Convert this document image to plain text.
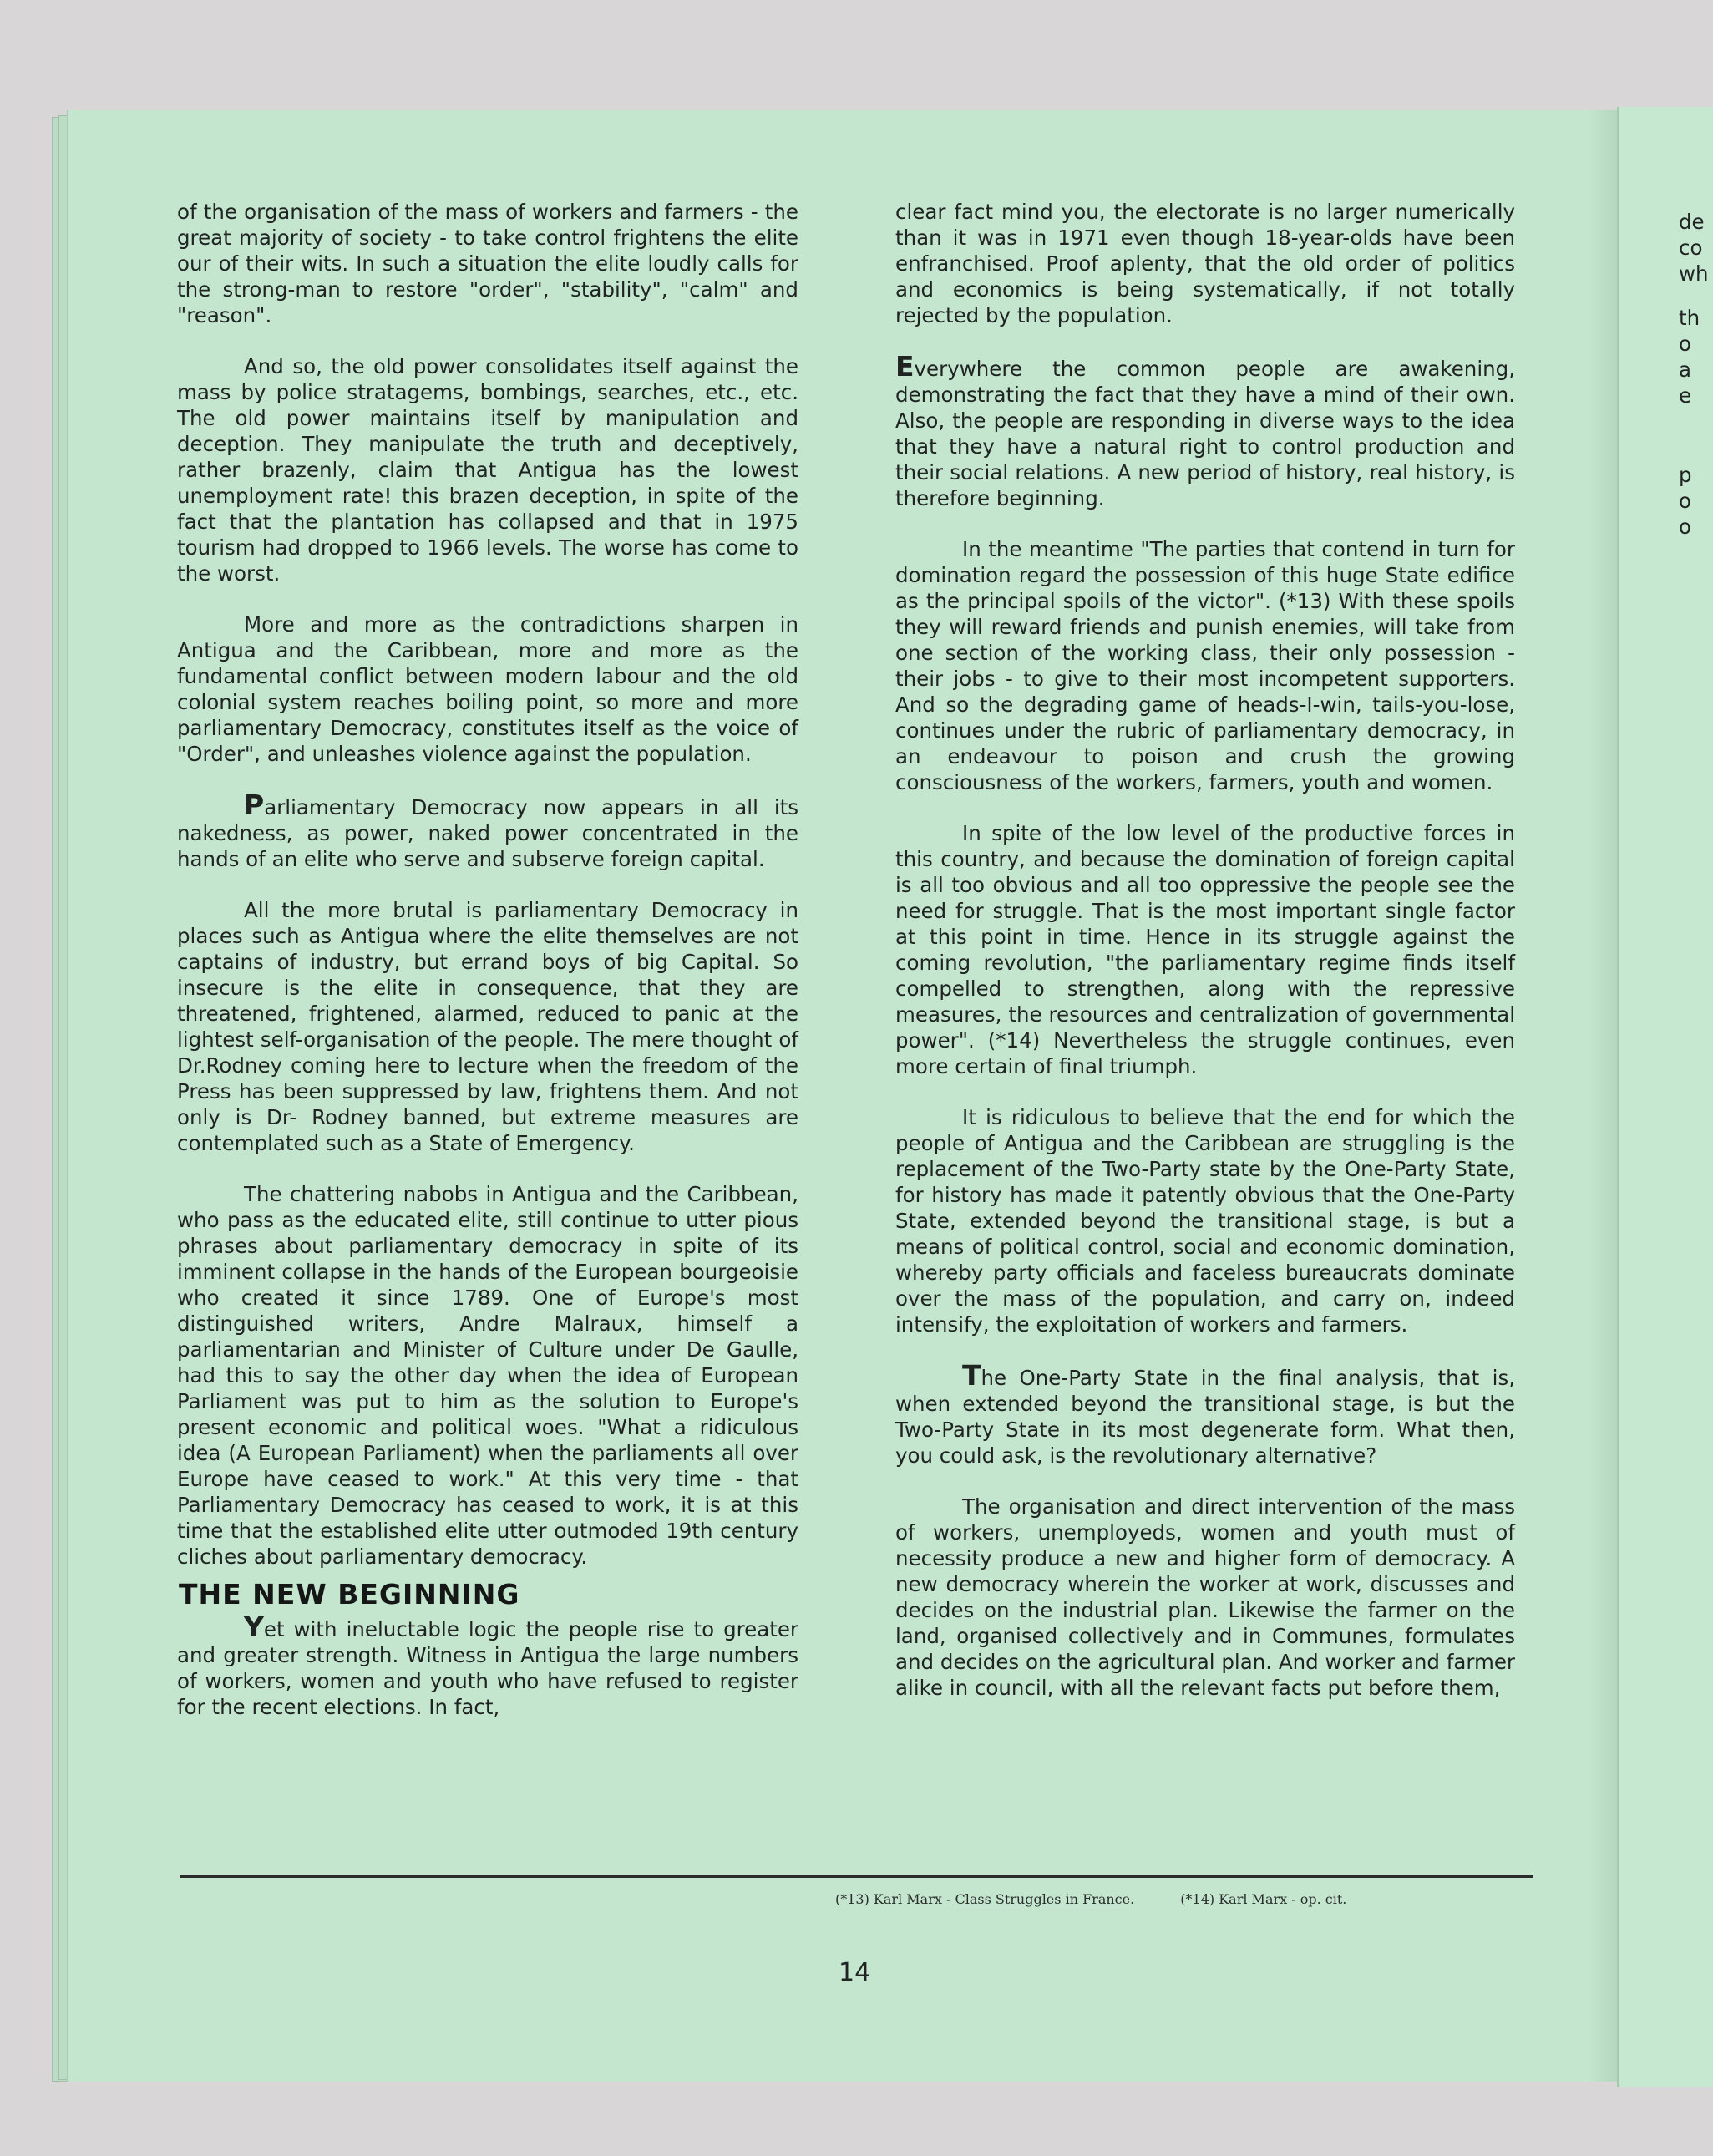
of the organisation of the mass of workers and farmers - the great majority of society - to take control frightens the elite our of their wits. In such a situation the elite loudly calls for the strong-man to restore "order", "stability", "calm" and "reason".

And so, the old power consolidates itself against the mass by police stratagems, bombings, searches, etc., etc. The old power maintains itself by manipulation and deception. They manipulate the truth and deceptively, rather brazenly, claim that Antigua has the lowest unemployment rate! this brazen deception, in spite of the fact that the plantation has collapsed and that in 1975 tourism had dropped to 1966 levels. The worse has come to the worst.

More and more as the contradictions sharpen in Antigua and the Caribbean, more and more as the fundamental conflict between modern labour and the old colonial system reaches boiling point, so more and more parliamentary Democracy, constitutes itself as the voice of "Order", and unleashes violence against the population.

Parliamentary Democracy now appears in all its nakedness, as power, naked power concentrated in the hands of an elite who serve and subserve foreign capital.

All the more brutal is parliamentary Democracy in places such as Antigua where the elite themselves are not captains of industry, but errand boys of big Capital. So insecure is the elite in consequence, that they are threatened, frightened, alarmed, reduced to panic at the lightest self-organisation of the people. The mere thought of Dr.Rodney coming here to lecture when the freedom of the Press has been suppressed by law, frightens them. And not only is Dr- Rodney banned, but extreme measures are contemplated such as a State of Emergency.

The chattering nabobs in Antigua and the Caribbean, who pass as the educated elite, still continue to utter pious phrases about parliamentary democracy in spite of its imminent collapse in the hands of the European bourgeoisie who created it since 1789. One of Europe's most distinguished writers, Andre Malraux, himself a parliamentarian and Minister of Culture under De Gaulle, had this to say the other day when the idea of European Parliament was put to him as the solution to Europe's present economic and political woes. "What a ridiculous idea (A European Parliament) when the parliaments all over Europe have ceased to work." At this very time - that Parliamentary Democracy has ceased to work, it is at this time that the established elite utter outmoded 19th century cliches about parliamentary democracy.

THE NEW BEGINNING

Yet with ineluctable logic the people rise to greater and greater strength. Witness in Antigua the large numbers of workers, women and youth who have refused to register for the recent elections. In fact,

clear fact mind you, the electorate is no larger numerically than it was in 1971 even though 18-year-olds have been enfranchised. Proof aplenty, that the old order of politics and economics is being systematically, if not totally rejected by the population.

Everywhere the common people are awakening, demonstrating the fact that they have a mind of their own. Also, the people are responding in diverse ways to the idea that they have a natural right to control production and their social relations. A new period of history, real history, is therefore beginning.

In the meantime "The parties that contend in turn for domination regard the possession of this huge State edifice as the principal spoils of the victor". (*13) With these spoils they will reward friends and punish enemies, will take from one section of the working class, their only possession - their jobs - to give to their most incompetent supporters. And so the degrading game of heads-I-win, tails-you-lose, continues under the rubric of parliamentary democracy, in an endeavour to poison and crush the growing consciousness of the workers, farmers, youth and women.

In spite of the low level of the productive forces in this country, and because the domination of foreign capital is all too obvious and all too oppressive the people see the need for struggle. That is the most important single factor at this point in time. Hence in its struggle against the coming revolution, "the parliamentary regime finds itself compelled to strengthen, along with the repressive measures, the resources and centralization of governmental power". (*14) Nevertheless the struggle continues, even more certain of final triumph.

It is ridiculous to believe that the end for which the people of Antigua and the Caribbean are struggling is the replacement of the Two-Party state by the One-Party State, for history has made it patently obvious that the One-Party State, extended beyond the transitional stage, is but a means of political control, social and economic domination, whereby party officials and faceless bureaucrats dominate over the mass of the population, and carry on, indeed intensify, the exploitation of workers and farmers.

The One-Party State in the final analysis, that is, when extended beyond the transitional stage, is but the Two-Party State in its most degenerate form. What then, you could ask, is the revolutionary alternative?

The organisation and direct intervention of the mass of workers, unemployeds, women and youth must of necessity produce a new and higher form of democracy. A new democracy wherein the worker at work, discusses and decides on the industrial plan. Likewise the farmer on the land, organised collectively and in Communes, formulates and decides on the agricultural plan. And worker and farmer alike in council, with all the relevant facts put before them,

de
co
wh
th
o
a
e
p
o
o
(*13) Karl Marx - Class Struggles in France.	(*14) Karl Marx - op. cit.
14
